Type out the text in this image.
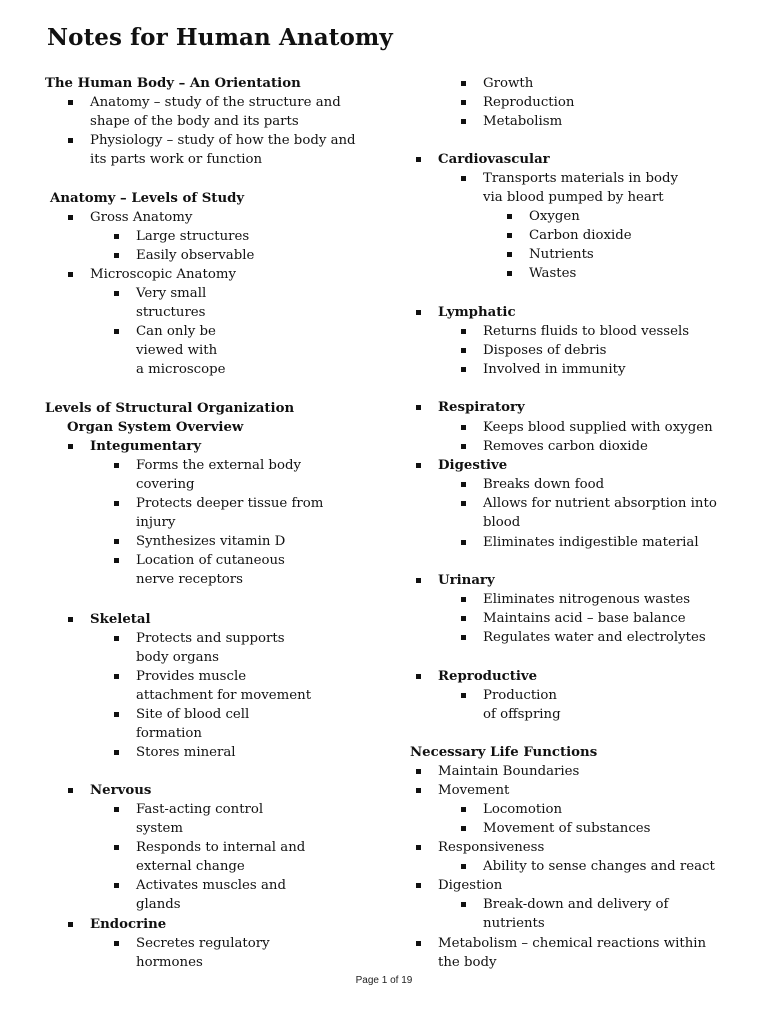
Notes for Human Anatomy
The Human Body – An Orientation
Anatomy – study of the structure and
shape of the body and its parts
Physiology – study of how the body and
its parts work or function
Anatomy – Levels of Study
Gross Anatomy
Large structures
Easily observable
Microscopic Anatomy
Very small
structures
Can only be
viewed with
a microscope
Levels of Structural Organization
Organ System Overview
Integumentary
Forms the external body
covering
Protects deeper tissue from
injury
Synthesizes vitamin D
Location of cutaneous
nerve receptors
Skeletal
Protects and supports
body organs
Provides muscle
attachment for movement
Site of blood cell
formation
Stores mineral
Nervous
Fast-acting control
system
Responds to internal and
external change
Activates muscles and
glands
Endocrine
Secretes regulatory
hormones
Growth
Reproduction
Metabolism
Cardiovascular
Transports materials in body
via blood pumped by heart
Oxygen
Carbon dioxide
Nutrients
Wastes
Lymphatic
Returns fluids to blood vessels
Disposes of debris
Involved in immunity
Respiratory
Keeps blood supplied with oxygen
Removes carbon dioxide
Digestive
Breaks down food
Allows for nutrient absorption into
blood
Eliminates indigestible material
Urinary
Eliminates nitrogenous wastes
Maintains acid – base balance
Regulates water and electrolytes
Reproductive
Production
of offspring
Necessary Life Functions
Maintain Boundaries
Movement
Locomotion
Movement of substances
Responsiveness
Ability to sense changes and react
Digestion
Break-down and delivery of
nutrients
Metabolism – chemical reactions within
the body
Page 1 of 19
